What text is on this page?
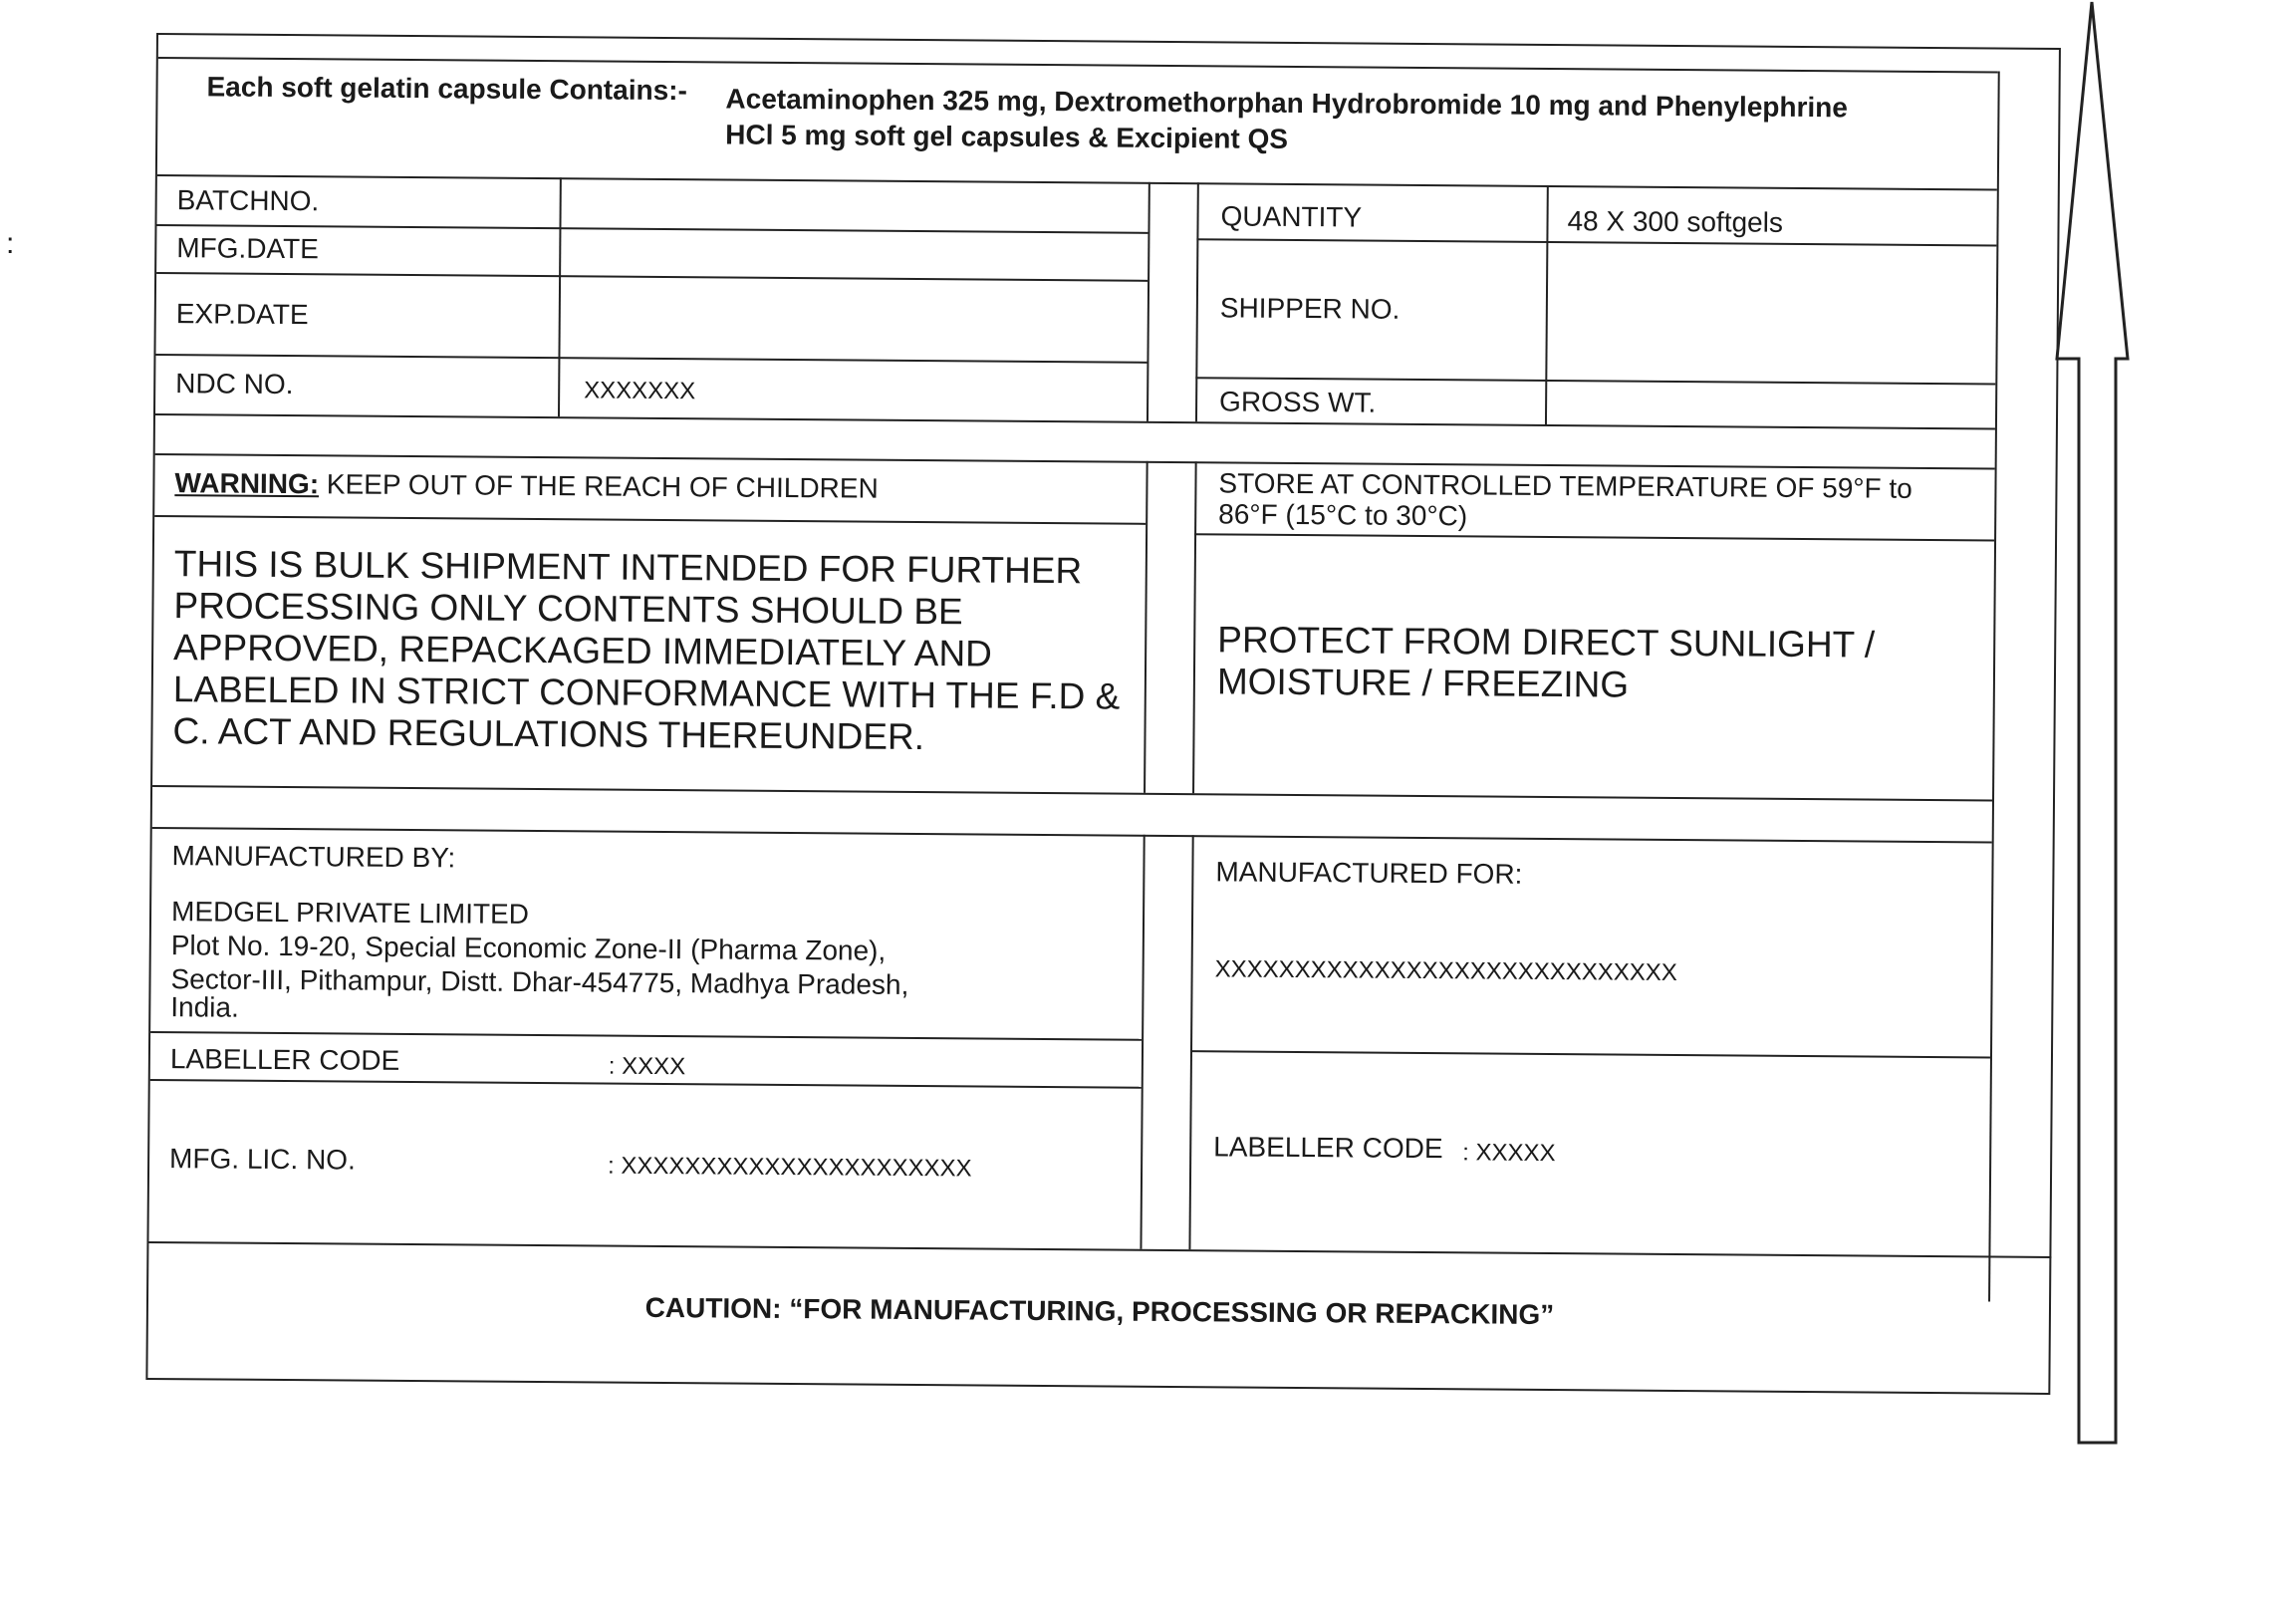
:
Each soft gelatin capsule Contains:- Acetaminophen 325 mg, Dextromethorphan Hydrobromide 10 mg and Phenylephrine
HCl 5 mg soft gel capsules & Excipient QS
BATCHNO.
MFG.DATE
EXP.DATE
NDC NO.	XXXXXXX
QUANTITY	48 X 300 softgels
SHIPPER NO.
GROSS WT.
WARNING: KEEP OUT OF THE REACH OF CHILDREN
THIS IS BULK SHIPMENT INTENDED FOR FURTHER PROCESSING ONLY CONTENTS SHOULD BE APPROVED, REPACKAGED IMMEDIATELY AND LABELED IN STRICT CONFORMANCE WITH THE F.D & C. ACT AND REGULATIONS THEREUNDER.
STORE AT CONTROLLED TEMPERATURE OF 59°F to 86°F (15°C to 30°C)
PROTECT FROM DIRECT SUNLIGHT / MOISTURE / FREEZING
MANUFACTURED BY:
MEDGEL PRIVATE LIMITED
Plot No. 19-20, Special Economic Zone-II (Pharma Zone),
Sector-III, Pithampur, Distt. Dhar-454775, Madhya Pradesh,
India.
LABELLER CODE	: XXXX
MFG. LIC. NO.	: XXXXXXXXXXXXXXXXXXXXXX
MANUFACTURED FOR:
XXXXXXXXXXXXXXXXXXXXXXXXXXXXX
LABELLER CODE : XXXXX
CAUTION: “FOR MANUFACTURING, PROCESSING OR REPACKING”
